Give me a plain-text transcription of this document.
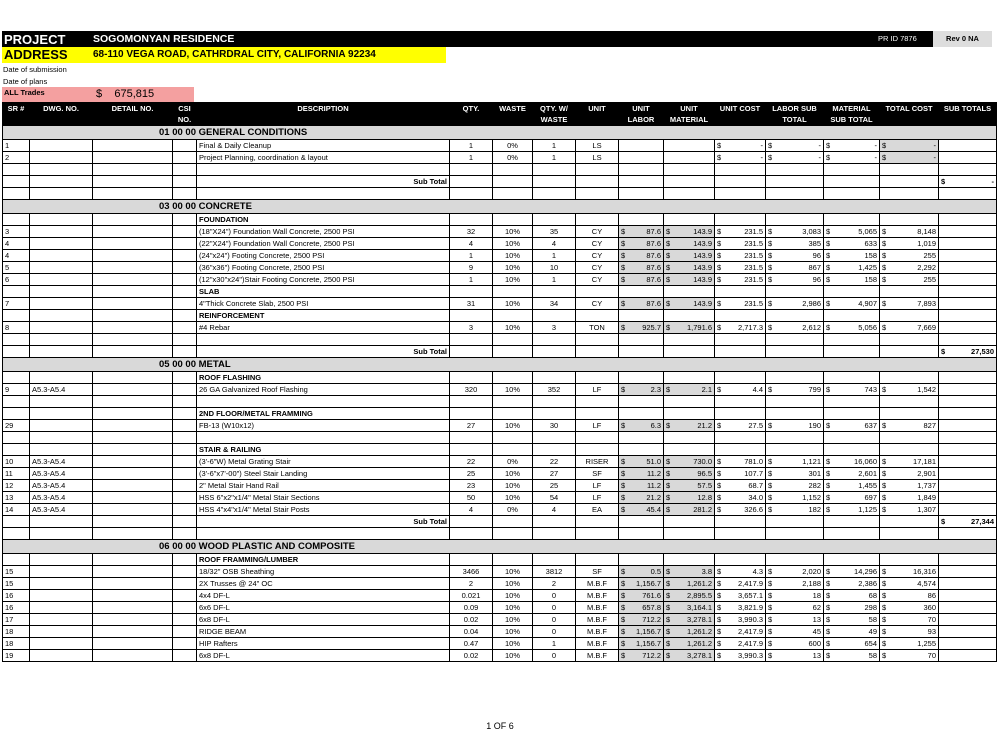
PROJECT	SOGOMONYAN RESIDENCE	PR ID 7876	Rev 0 NA
ADDRESS	68-110 VEGA ROAD, CATHRDRAL CITY, CALIFORNIA 92234
Date of submission
Date of plans
ALL Trades	$ 675,815
SR #	DWG. NO.	DETAIL NO.	CSI NO.	DESCRIPTION	QTY.	WASTE	QTY. W/ WASTE	UNIT	UNIT LABOR	UNIT MATERIAL	UNIT COST	LABOR SUB TOTAL	MATERIAL SUB TOTAL	TOTAL COST	SUB TOTALS
01 00 00 GENERAL CONDITIONS															
1				Final & Daily Cleanup	1	0%	1	LS			$ -	$ -	$ -	$ -	

2				Project Planning, coordination & layout	1	0%	1	LS			$ -	$ -	$ -	$ -	

				Sub Total											$ -

03 00 00 CONCRETE															
				FOUNDATION											
3				(18"X24") Foundation Wall Concrete, 2500 PSI	32	10%	35	CY	$ 87.6	$ 143.9	$ 231.5	$ 3,083	$ 5,065	$ 8,148	

4				(22"X24") Foundation Wall Concrete, 2500 PSI	4	10%	4	CY	$ 87.6	$ 143.9	$ 231.5	$ 385	$ 633	$ 1,019	

4				(24"x24") Footing Concrete, 2500 PSI	1	10%	1	CY	$ 87.6	$ 143.9	$ 231.5	$ 96	$ 158	$ 255	

5				(36"x36") Footing Concrete, 2500 PSI	9	10%	10	CY	$ 87.6	$ 143.9	$ 231.5	$ 867	$ 1,425	$ 2,292	

6				(12"x30"x24")Stair Footing Concrete, 2500 PSI	1	10%	1	CY	$ 87.6	$ 143.9	$ 231.5	$ 96	$ 158	$ 255	

				SLAB											
7				4"Thick Concrete Slab, 2500 PSI	31	10%	34	CY	$ 87.6	$ 143.9	$ 231.5	$ 2,986	$ 4,907	$ 7,893	

				REINFORCEMENT											
8				#4 Rebar	3	10%	3	TON	$ 925.7	$ 1,791.6	$ 2,717.3	$ 2,612	$ 5,056	$ 7,669	

				Sub Total											$ 27,530

05 00 00 METAL															
				ROOF FLASHING											
9	A5.3-A5.4			26 GA Galvanized Roof Flashing	320	10%	352	LF	$ 2.3	$ 2.1	$ 4.4	$ 799	$ 743	$ 1,542	

				2ND FLOOR/METAL FRAMMING											
29				FB-13 (W10x12)	27	10%	30	LF	$ 6.3	$ 21.2	$ 27.5	$ 190	$ 637	$ 827	

				STAIR & RAILING											
10	A5.3-A5.4			(3'-6"W) Metal Grating Stair	22	0%	22	RISER	$ 51.0	$ 730.0	$ 781.0	$ 1,121	$ 16,060	$ 17,181	

11	A5.3-A5.4			(3'-6"x7'-00") Steel Stair Landing	25	10%	27	SF	$ 11.2	$ 96.5	$ 107.7	$ 301	$ 2,601	$ 2,901	

12	A5.3-A5.4			2" Metal Stair Hand Rail	23	10%	25	LF	$ 11.2	$ 57.5	$ 68.7	$ 282	$ 1,455	$ 1,737	

13	A5.3-A5.4			HSS 6"x2"x1/4" Metal Stair Sections	50	10%	54	LF	$ 21.2	$ 12.8	$ 34.0	$ 1,152	$ 697	$ 1,849	

14	A5.3-A5.4			HSS 4"x4"x1/4" Metal Stair Posts	4	0%	4	EA	$ 45.4	$ 281.2	$ 326.6	$ 182	$ 1,125	$ 1,307	

				Sub Total											$ 27,344

06 00 00 WOOD PLASTIC AND COMPOSITE															
				ROOF FRAMMING/LUMBER											
15				18/32" OSB Sheathing	3466	10%	3812	SF	$ 0.5	$ 3.8	$ 4.3	$ 2,020	$ 14,296	$ 16,316	

15				2X Trusses @ 24" OC	2	10%	2	M.B.F	$ 1,156.7	$ 1,261.2	$ 2,417.9	$ 2,188	$ 2,386	$ 4,574	

16				4x4 DF-L	0.021	10%	0	M.B.F	$ 761.6	$ 2,895.5	$ 3,657.1	$ 18	$ 68	$ 86	

16				6x6 DF-L	0.09	10%	0	M.B.F	$ 657.8	$ 3,164.1	$ 3,821.9	$ 62	$ 298	$ 360	

17				6x8 DF-L	0.02	10%	0	M.B.F	$ 712.2	$ 3,278.1	$ 3,990.3	$ 13	$ 58	$ 70	

18				RIDGE BEAM	0.04	10%	0	M.B.F	$ 1,156.7	$ 1,261.2	$ 2,417.9	$ 45	$ 49	$ 93	

18				HIP Rafters	0.47	10%	1	M.B.F	$ 1,156.7	$ 1,261.2	$ 2,417.9	$ 600	$ 654	$ 1,255	

19				6x8 DF-L	0.02	10%	0	M.B.F	$ 712.2	$ 3,278.1	$ 3,990.3	$ 13	$ 58	$ 70	

1 OF 6
